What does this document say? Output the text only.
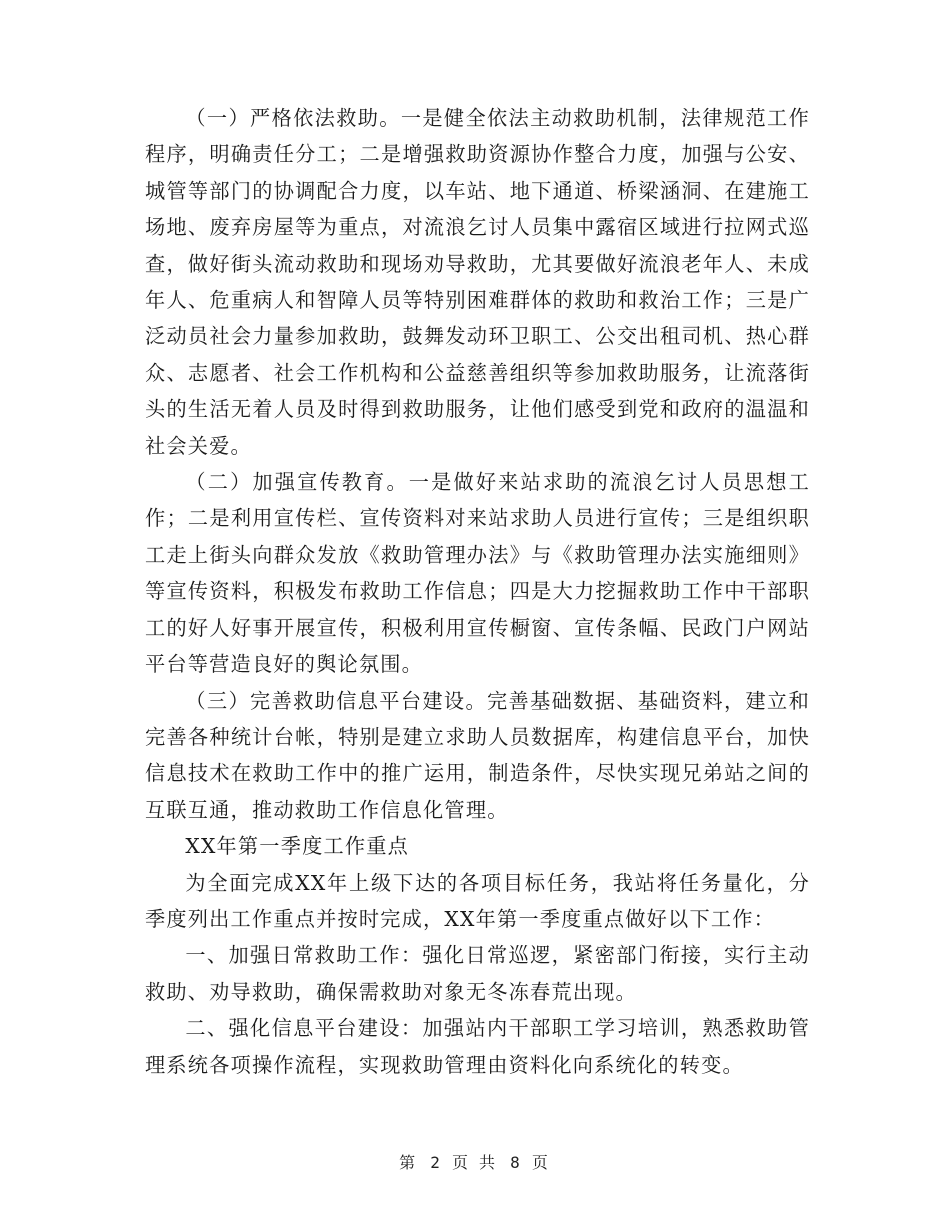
（一）严格依法救助。一是健全依法主动救助机制，法律规范工作程序，明确责任分工；二是增强救助资源协作整合力度，加强与公安、城管等部门的协调配合力度，以车站、地下通道、桥梁涵洞、在建施工场地、废弃房屋等为重点，对流浪乞讨人员集中露宿区域进行拉网式巡查，做好街头流动救助和现场劝导救助，尤其要做好流浪老年人、未成年人、危重病人和智障人员等特别困难群体的救助和救治工作；三是广泛动员社会力量参加救助，鼓舞发动环卫职工、公交出租司机、热心群众、志愿者、社会工作机构和公益慈善组织等参加救助服务，让流落街头的生活无着人员及时得到救助服务，让他们感受到党和政府的温温和社会关爱。

（二）加强宣传教育。一是做好来站求助的流浪乞讨人员思想工作；二是利用宣传栏、宣传资料对来站求助人员进行宣传；三是组织职工走上街头向群众发放《救助管理办法》与《救助管理办法实施细则》等宣传资料，积极发布救助工作信息；四是大力挖掘救助工作中干部职工的好人好事开展宣传，积极利用宣传橱窗、宣传条幅、民政门户网站平台等营造良好的舆论氛围。

（三）完善救助信息平台建设。完善基础数据、基础资料，建立和完善各种统计台帐，特别是建立求助人员数据库，构建信息平台，加快信息技术在救助工作中的推广运用，制造条件，尽快实现兄弟站之间的互联互通，推动救助工作信息化管理。

XX年第一季度工作重点

为全面完成XX年上级下达的各项目标任务，我站将任务量化，分季度列出工作重点并按时完成，XX年第一季度重点做好以下工作：

一、加强日常救助工作：强化日常巡逻，紧密部门衔接，实行主动救助、劝导救助，确保需救助对象无冬冻春荒出现。

二、强化信息平台建设：加强站内干部职工学习培训，熟悉救助管理系统各项操作流程，实现救助管理由资料化向系统化的转变。

第 2 页 共 8 页
